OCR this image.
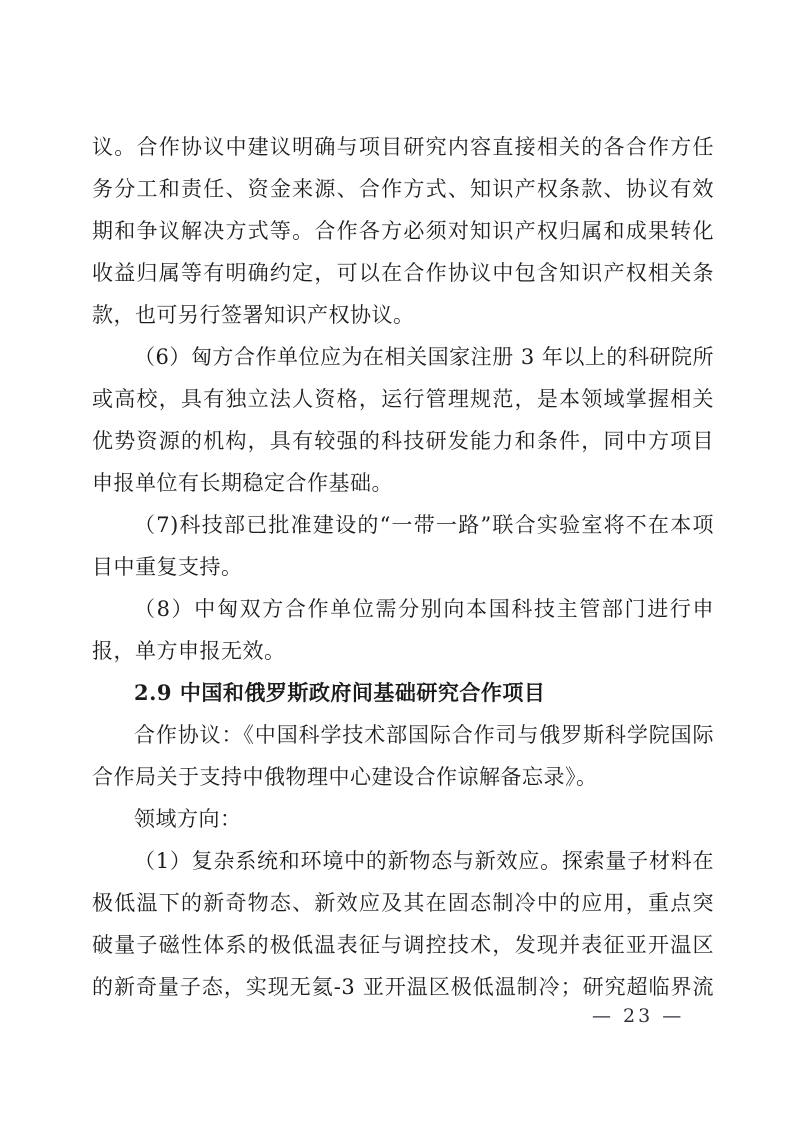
议。合作协议中建议明确与项目研究内容直接相关的各合作方任务分工和责任、资金来源、合作方式、知识产权条款、协议有效期和争议解决方式等。合作各方必须对知识产权归属和成果转化收益归属等有明确约定，可以在合作协议中包含知识产权相关条款，也可另行签署知识产权协议。

（6）匈方合作单位应为在相关国家注册 3 年以上的科研院所或高校，具有独立法人资格，运行管理规范，是本领域掌握相关优势资源的机构，具有较强的科技研发能力和条件，同中方项目申报单位有长期稳定合作基础。

（7)科技部已批准建设的“一带一路”联合实验室将不在本项目中重复支持。

（8）中匈双方合作单位需分别向本国科技主管部门进行申报，单方申报无效。

2.9 中国和俄罗斯政府间基础研究合作项目

合作协议：《中国科学技术部国际合作司与俄罗斯科学院国际合作局关于支持中俄物理中心建设合作谅解备忘录》。

领域方向：

（1）复杂系统和环境中的新物态与新效应。探索量子材料在极低温下的新奇物态、新效应及其在固态制冷中的应用，重点突破量子磁性体系的极低温表征与调控技术，发现并表征亚开温区的新奇量子态，实现无氦-3 亚开温区极低温制冷；研究超临界流

— 23 —
